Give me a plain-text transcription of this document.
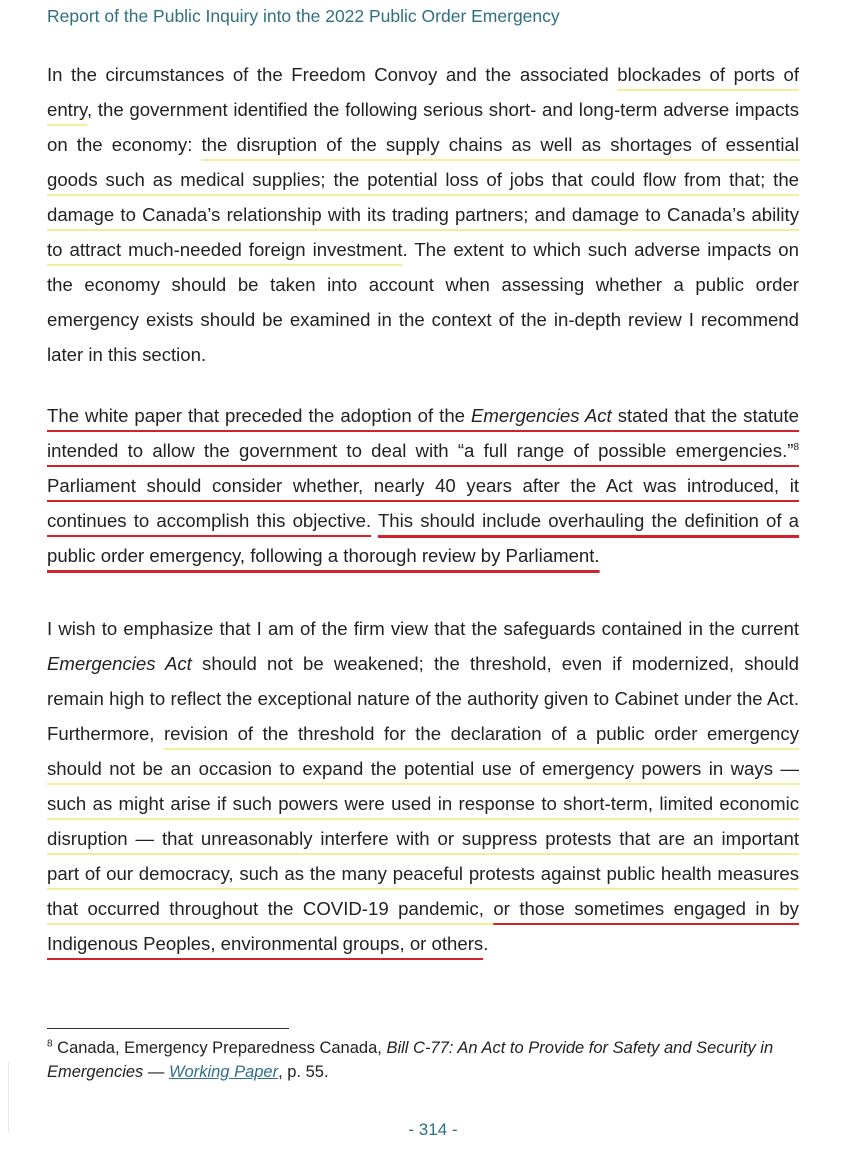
Report of the Public Inquiry into the 2022 Public Order Emergency

In the circumstances of the Freedom Convoy and the associated blockades of ports of entry, the government identified the following serious short- and long-term adverse impacts on the economy: the disruption of the supply chains as well as shortages of essential goods such as medical supplies; the potential loss of jobs that could flow from that; the damage to Canada’s relationship with its trading partners; and damage to Canada’s ability to attract much-needed foreign investment. The extent to which such adverse impacts on the economy should be taken into account when assessing whether a public order emergency exists should be examined in the context of the in-depth review I recommend later in this section.

The white paper that preceded the adoption of the Emergencies Act stated that the statute intended to allow the government to deal with “a full range of possible emergencies.”$^8$ Parliament should consider whether, nearly 40 years after the Act was introduced, it continues to accomplish this objective. This should include overhauling the definition of a public order emergency, following a thorough review by Parliament.

I wish to emphasize that I am of the firm view that the safeguards contained in the current Emergencies Act should not be weakened; the threshold, even if modernized, should remain high to reflect the exceptional nature of the authority given to Cabinet under the Act. Furthermore, revision of the threshold for the declaration of a public order emergency should not be an occasion to expand the potential use of emergency powers in ways — such as might arise if such powers were used in response to short-term, limited economic disruption — that unreasonably interfere with or suppress protests that are an important part of our democracy, such as the many peaceful protests against public health measures that occurred throughout the COVID-19 pandemic, or those sometimes engaged in by Indigenous Peoples, environmental groups, or others.

$^8$ Canada, Emergency Preparedness Canada, Bill C-77: An Act to Provide for Safety and Security in Emergencies — Working Paper, p. 55.

- 314 -
